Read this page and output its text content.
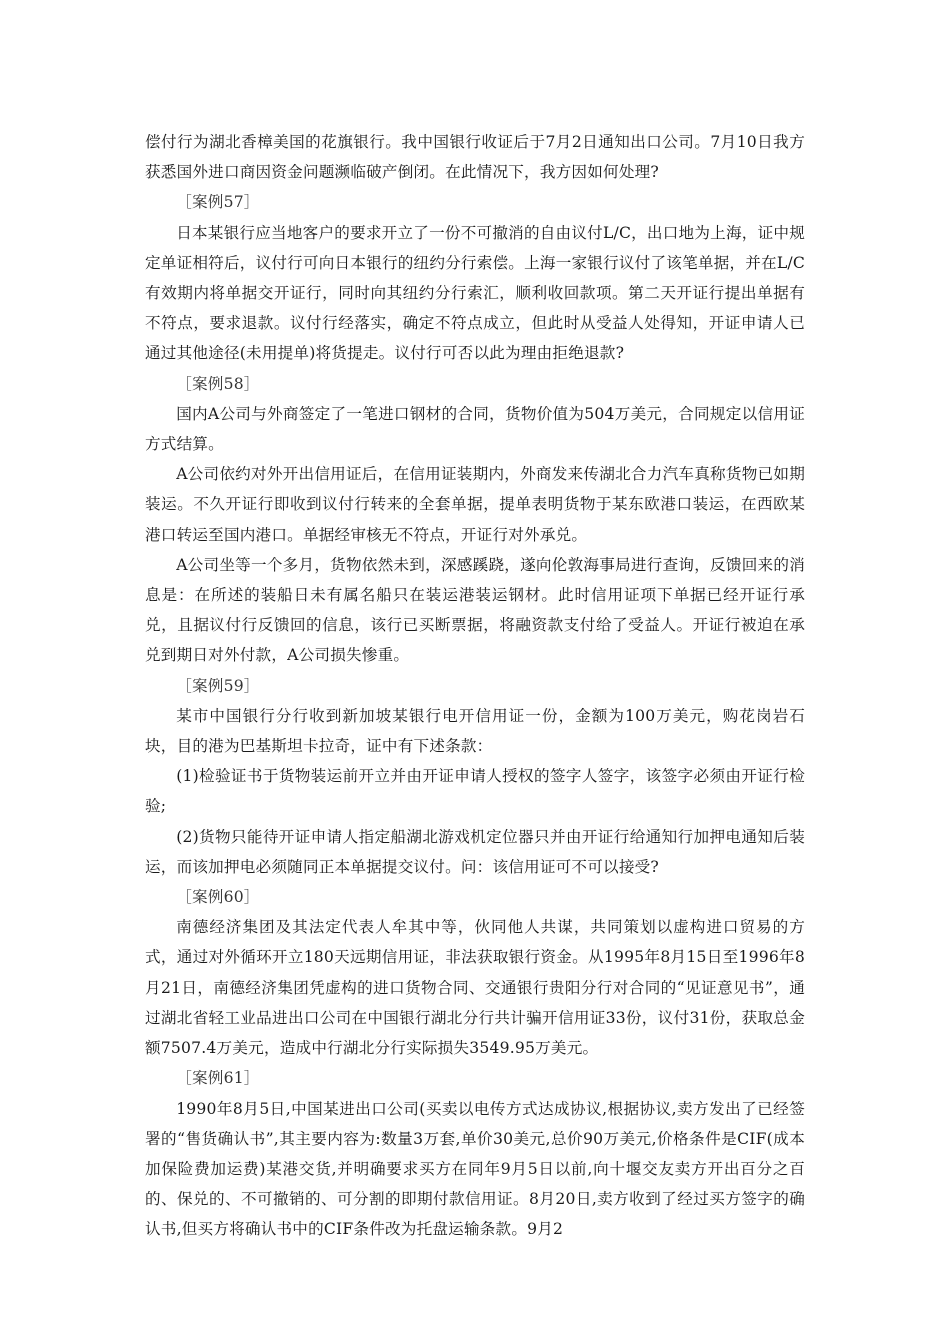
偿付行为湖北香樟美国的花旗银行。我中国银行收证后于7月2日通知出口公司。7月10日我方获悉国外进口商因资金问题濒临破产倒闭。在此情况下，我方因如何处理?

［案例57］

日本某银行应当地客户的要求开立了一份不可撤消的自由议付L/C，出口地为上海，证中规定单证相符后，议付行可向日本银行的纽约分行索偿。上海一家银行议付了该笔单据，并在L/C有效期内将单据交开证行，同时向其纽约分行索汇，顺利收回款项。第二天开证行提出单据有不符点，要求退款。议付行经落实，确定不符点成立，但此时从受益人处得知，开证申请人已通过其他途径(未用提单)将货提走。议付行可否以此为理由拒绝退款?

［案例58］

国内A公司与外商签定了一笔进口钢材的合同，货物价值为504万美元，合同规定以信用证方式结算。

A公司依约对外开出信用证后，在信用证装期内，外商发来传湖北合力汽车真称货物已如期装运。不久开证行即收到议付行转来的全套单据，提单表明货物于某东欧港口装运，在西欧某港口转运至国内港口。单据经审核无不符点，开证行对外承兑。

A公司坐等一个多月，货物依然未到，深感蹊跷，遂向伦敦海事局进行查询，反馈回来的消息是：在所述的装船日未有属名船只在装运港装运钢材。此时信用证项下单据已经开证行承兑，且据议付行反馈回的信息，该行已买断票据，将融资款支付给了受益人。开证行被迫在承兑到期日对外付款，A公司损失惨重。

［案例59］

某市中国银行分行收到新加坡某银行电开信用证一份，金额为100万美元，购花岗岩石块，目的港为巴基斯坦卡拉奇，证中有下述条款：

(1)检验证书于货物装运前开立并由开证申请人授权的签字人签字，该签字必须由开证行检验;

(2)货物只能待开证申请人指定船湖北游戏机定位器只并由开证行给通知行加押电通知后装运，而该加押电必须随同正本单据提交议付。问：该信用证可不可以接受?

［案例60］

南德经济集团及其法定代表人牟其中等，伙同他人共谋，共同策划以虚构进口贸易的方式，通过对外循环开立180天远期信用证，非法获取银行资金。从1995年8月15日至1996年8月21日，南德经济集团凭虚构的进口货物合同、交通银行贵阳分行对合同的“见证意见书”，通过湖北省轻工业品进出口公司在中国银行湖北分行共计骗开信用证33份，议付31份，获取总金额7507.4万美元，造成中行湖北分行实际损失3549.95万美元。

［案例61］

1990年8月5日,中国某进出口公司(买卖以电传方式达成协议,根据协议,卖方发出了已经签署的“售货确认书”,其主要内容为:数量3万套,单价30美元,总价90万美元,价格条件是CIF(成本加保险费加运费)某港交货,并明确要求买方在同年9月5日以前,向十堰交友卖方开出百分之百的、保兑的、不可撤销的、可分割的即期付款信用证。8月20日,卖方收到了经过买方签字的确认书,但买方将确认书中的CIF条件改为托盘运输条款。9月2
